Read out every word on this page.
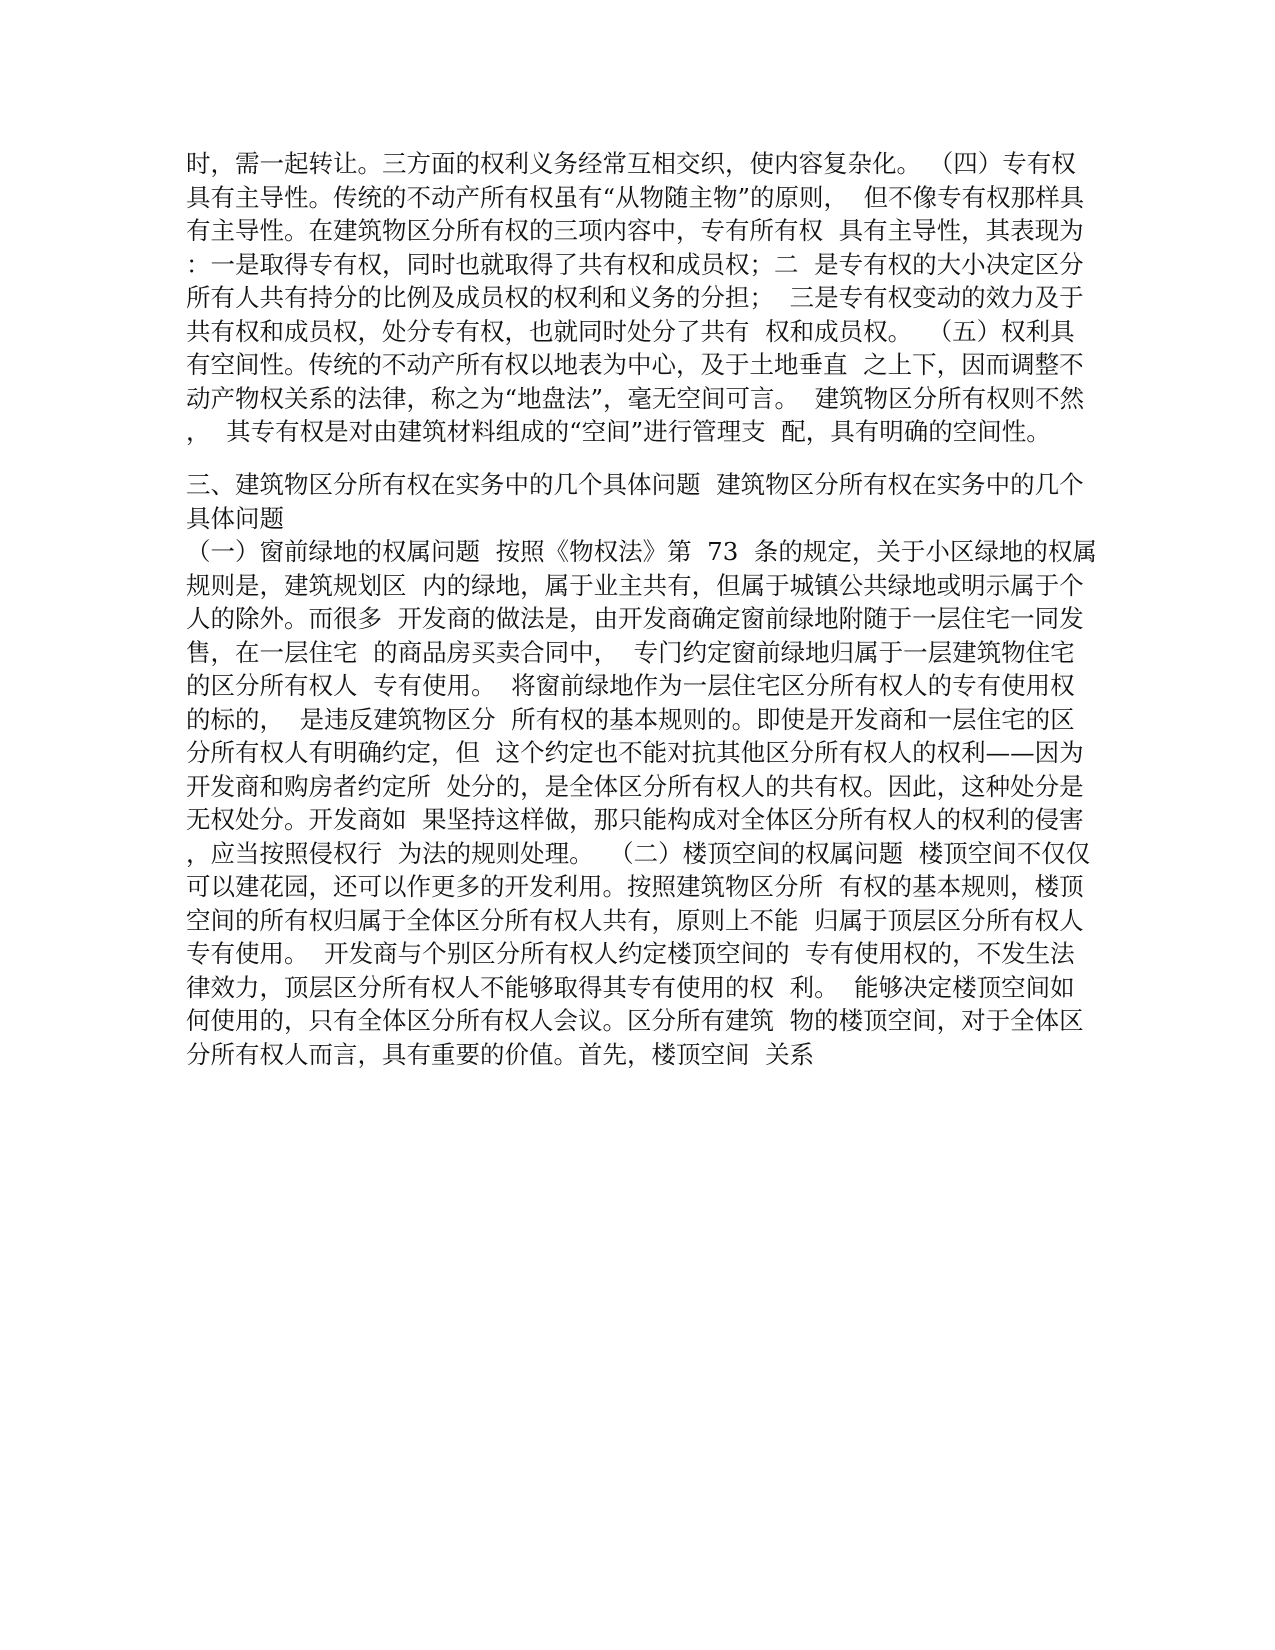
时，需一起转让。三方面的权利义务经常互相交织，使内容复杂化。 （四）专有权
具有主导性。传统的不动产所有权虽有“从物随主物”的原则，  但不像专有权那样具
有主导性。在建筑物区分所有权的三项内容中，专有所有权  具有主导性，其表现为
：一是取得专有权，同时也就取得了共有权和成员权；二  是专有权的大小决定区分
所有人共有持分的比例及成员权的权利和义务的分担；  三是专有权变动的效力及于
共有权和成员权，处分专有权，也就同时处分了共有  权和成员权。  （五）权利具
有空间性。传统的不动产所有权以地表为中心，及于土地垂直  之上下，因而调整不
动产物权关系的法律，称之为“地盘法”，毫无空间可言。  建筑物区分所有权则不然
，  其专有权是对由建筑材料组成的“空间”进行管理支  配，具有明确的空间性。
三、建筑物区分所有权在实务中的几个具体问题  建筑物区分所有权在实务中的几个
具体问题
（一）窗前绿地的权属问题  按照《物权法》第  73  条的规定，关于小区绿地的权属
规则是，建筑规划区  内的绿地，属于业主共有，但属于城镇公共绿地或明示属于个
人的除外。而很多  开发商的做法是，由开发商确定窗前绿地附随于一层住宅一同发
售，在一层住宅  的商品房买卖合同中，  专门约定窗前绿地归属于一层建筑物住宅
的区分所有权人  专有使用。  将窗前绿地作为一层住宅区分所有权人的专有使用权
的标的，  是违反建筑物区分  所有权的基本规则的。即使是开发商和一层住宅的区
分所有权人有明确约定，但  这个约定也不能对抗其他区分所有权人的权利——因为
开发商和购房者约定所  处分的，是全体区分所有权人的共有权。因此，这种处分是
无权处分。开发商如  果坚持这样做，那只能构成对全体区分所有权人的权利的侵害
，应当按照侵权行  为法的规则处理。  （二）楼顶空间的权属问题  楼顶空间不仅仅
可以建花园，还可以作更多的开发利用。按照建筑物区分所  有权的基本规则，楼顶
空间的所有权归属于全体区分所有权人共有，原则上不能  归属于顶层区分所有权人
专有使用。  开发商与个别区分所有权人约定楼顶空间的  专有使用权的，不发生法
律效力，顶层区分所有权人不能够取得其专有使用的权  利。  能够决定楼顶空间如
何使用的，只有全体区分所有权人会议。区分所有建筑  物的楼顶空间，对于全体区
分所有权人而言，具有重要的价值。首先，楼顶空间  关系
